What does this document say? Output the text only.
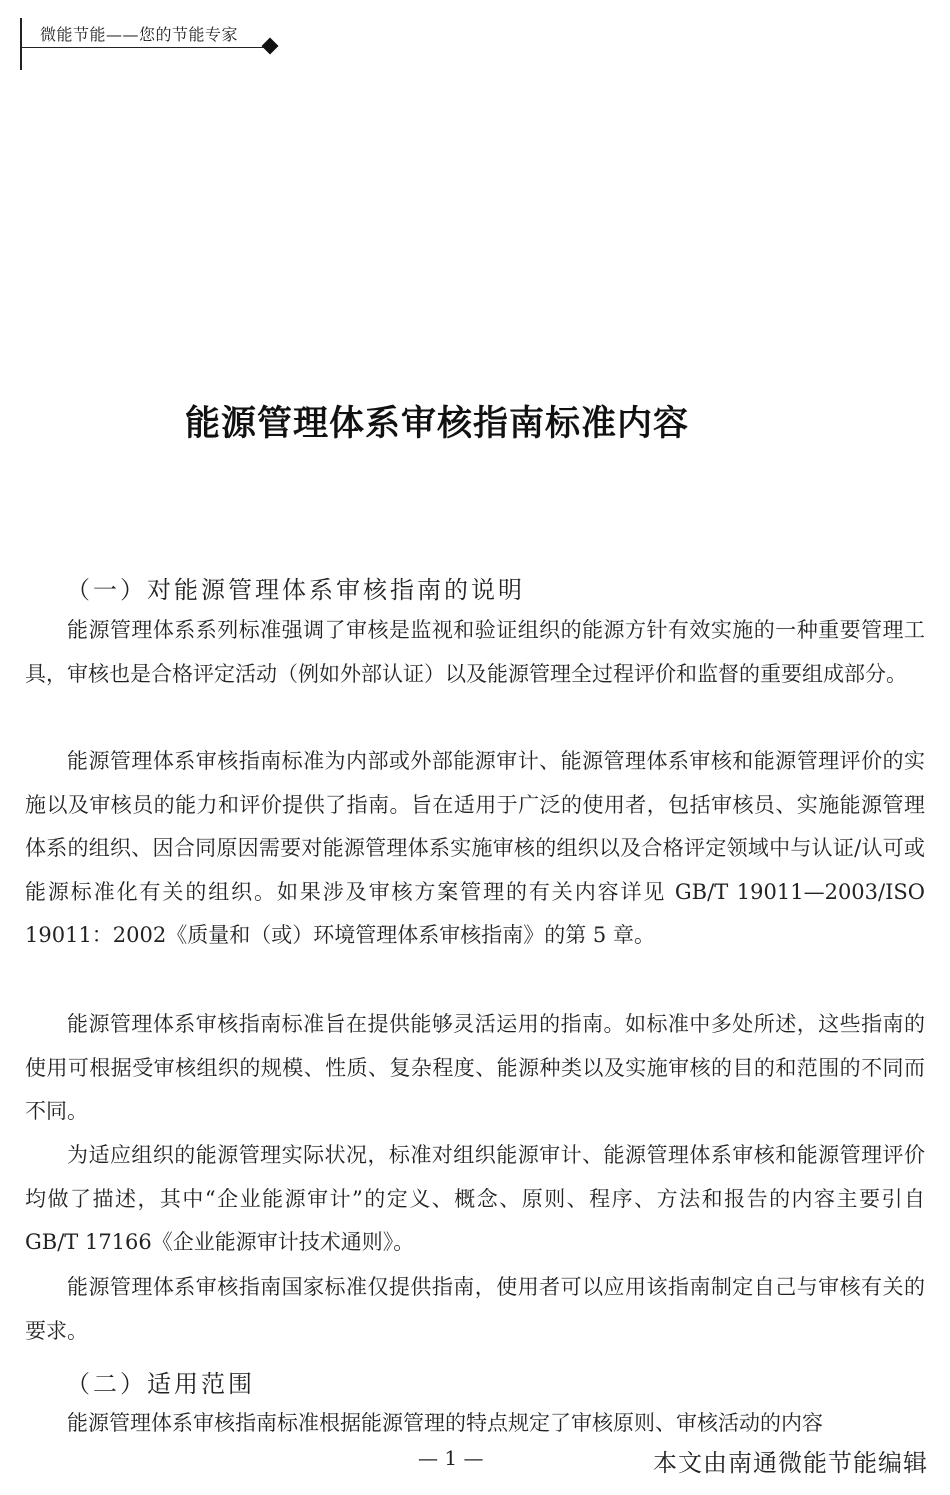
微能节能——您的节能专家
能源管理体系审核指南标准内容
（一）对能源管理体系审核指南的说明

能源管理体系系列标准强调了审核是监视和验证组织的能源方针有效实施的一种重要管理工具，审核也是合格评定活动（例如外部认证）以及能源管理全过程评价和监督的重要组成部分。

能源管理体系审核指南标准为内部或外部能源审计、能源管理体系审核和能源管理评价的实施以及审核员的能力和评价提供了指南。旨在适用于广泛的使用者，包括审核员、实施能源管理体系的组织、因合同原因需要对能源管理体系实施审核的组织以及合格评定领域中与认证/认可或能源标准化有关的组织。如果涉及审核方案管理的有关内容详见 GB/T 19011—2003/ISO 19011：2002《质量和（或）环境管理体系审核指南》的第 5 章。

能源管理体系审核指南标准旨在提供能够灵活运用的指南。如标准中多处所述，这些指南的使用可根据受审核组织的规模、性质、复杂程度、能源种类以及实施审核的目的和范围的不同而不同。

为适应组织的能源管理实际状况，标准对组织能源审计、能源管理体系审核和能源管理评价均做了描述，其中“企业能源审计”的定义、概念、原则、程序、方法和报告的内容主要引自 GB/T 17166《企业能源审计技术通则》。

能源管理体系审核指南国家标准仅提供指南，使用者可以应用该指南制定自己与审核有关的要求。

（二）适用范围

能源管理体系审核指南标准根据能源管理的特点规定了审核原则、审核活动的内容

— 1 —	本文由南通微能节能编辑
